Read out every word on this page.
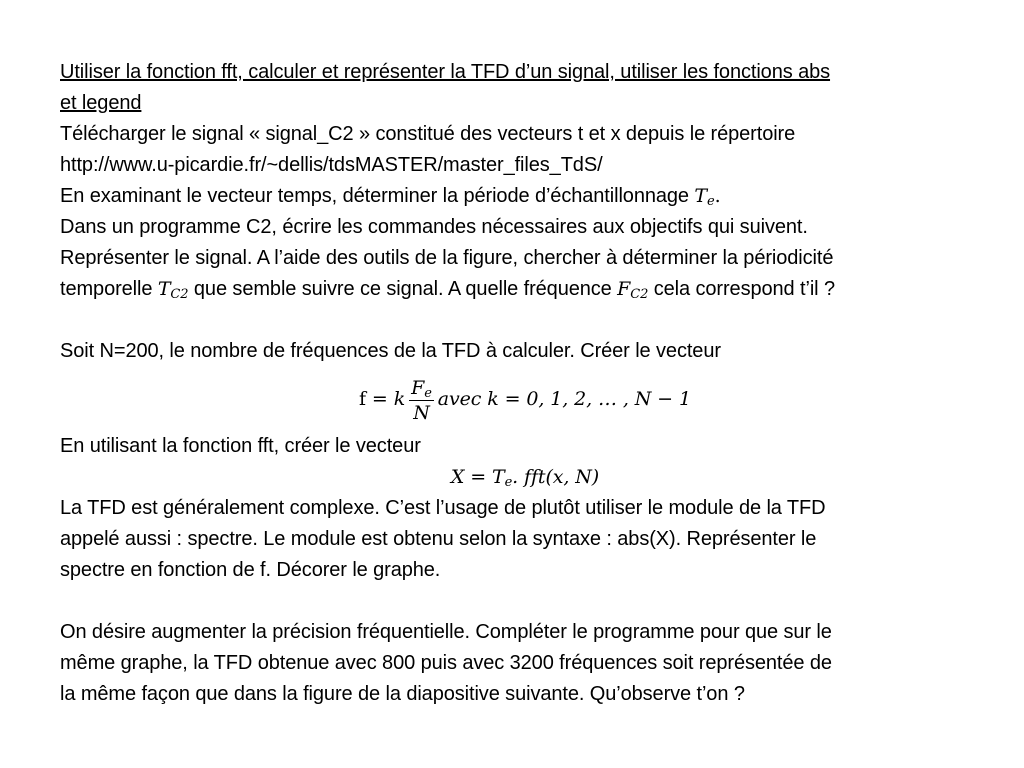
Utiliser la fonction fft, calculer et représenter la TFD d’un signal, utiliser les fonctions abs
et legend
Télécharger le signal « signal_C2 » constitué des vecteurs t et x depuis le répertoire
http://www.u-picardie.fr/~dellis/tdsMASTER/master_files_TdS/
En examinant le vecteur temps, déterminer la période d’échantillonnage $T_e$.
Dans un programme C2, écrire les commandes nécessaires aux objectifs qui suivent.
Représenter le signal. A l’aide des outils de la figure, chercher à déterminer la périodicité
temporelle $T_{C2}$ que semble suivre ce signal. A quelle fréquence $F_{C2}$ cela correspond t’il ?
Soit N=200, le nombre de fréquences de la TFD à calculer. Créer le vecteur
f = k $\frac{F_e}{N}$ avec k = 0, 1, 2, … , N − 1
En utilisant la fonction fft, créer le vecteur
$X = T_e$. fft(x, N)
La TFD est généralement complexe. C’est l’usage de plutôt utiliser le module de la TFD
appelé aussi : spectre. Le module est obtenu selon la syntaxe : abs(X). Représenter le
spectre en fonction de f. Décorer le graphe.
On désire augmenter la précision fréquentielle. Compléter le programme pour que sur le
même graphe, la TFD obtenue avec 800 puis avec 3200 fréquences soit représentée de
la même façon que dans la figure de la diapositive suivante. Qu’observe t’on ?
